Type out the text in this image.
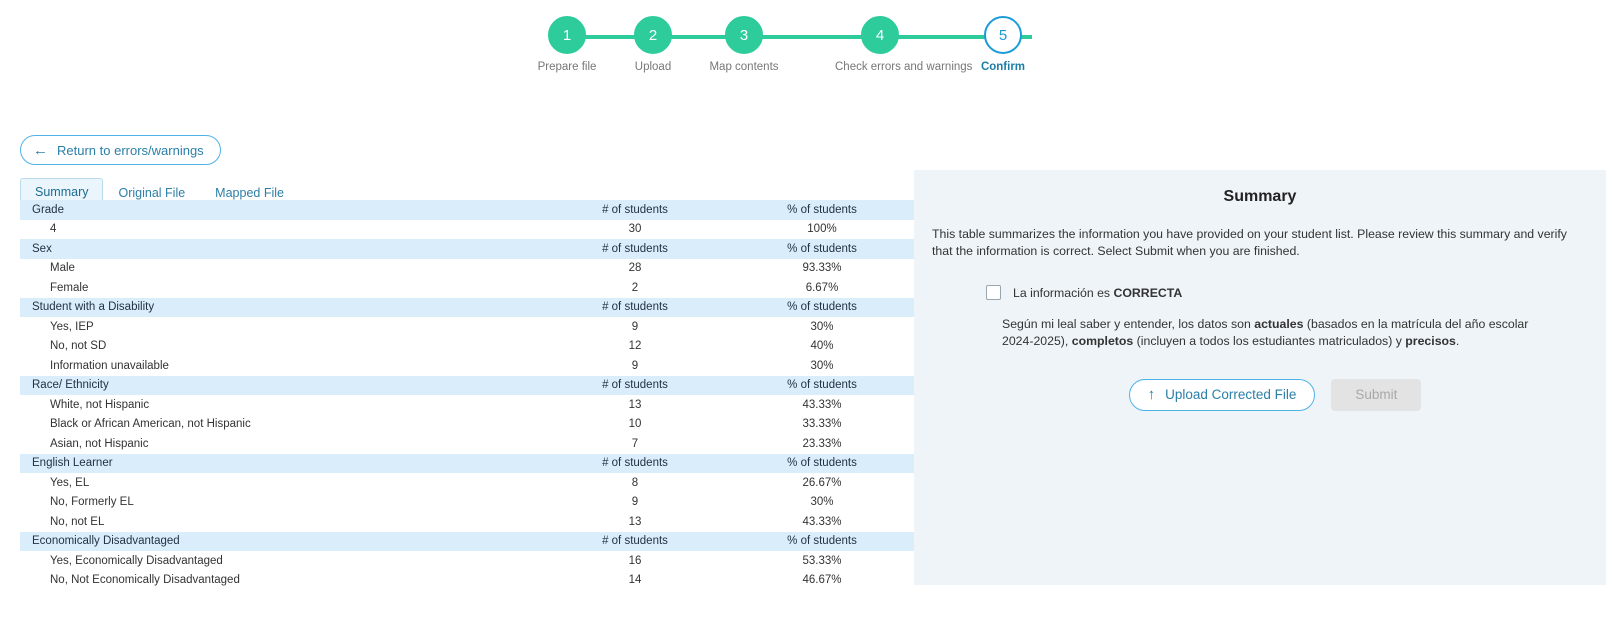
1
Prepare file
2
Upload
3
Map contents
4
Check errors and warnings
5
Confirm
← Return to errors/warnings
Summary	Original File	Mapped File
Grade	# of students	% of students
4	30	100%
Sex	# of students	% of students
Male	28	93.33%
Female	2	6.67%
Student with a Disability	# of students	% of students
Yes, IEP	9	30%
No, not SD	12	40%
Information unavailable	9	30%
Race/ Ethnicity	# of students	% of students
White, not Hispanic	13	43.33%
Black or African American, not Hispanic	10	33.33%
Asian, not Hispanic	7	23.33%
English Learner	# of students	% of students
Yes, EL	8	26.67%
No, Formerly EL	9	30%
No, not EL	13	43.33%
Economically Disadvantaged	# of students	% of students
Yes, Economically Disadvantaged	16	53.33%
No, Not Economically Disadvantaged	14	46.67%
Summary
This table summarizes the information you have provided on your student list. Please review this summary and verify that the information is correct. Select Submit when you are finished.
La información es CORRECTA
Según mi leal saber y entender, los datos son actuales (basados en la matrícula del año escolar 2024-2025), completos (incluyen a todos los estudiantes matriculados) y precisos.
↑ Upload Corrected File	Submit
